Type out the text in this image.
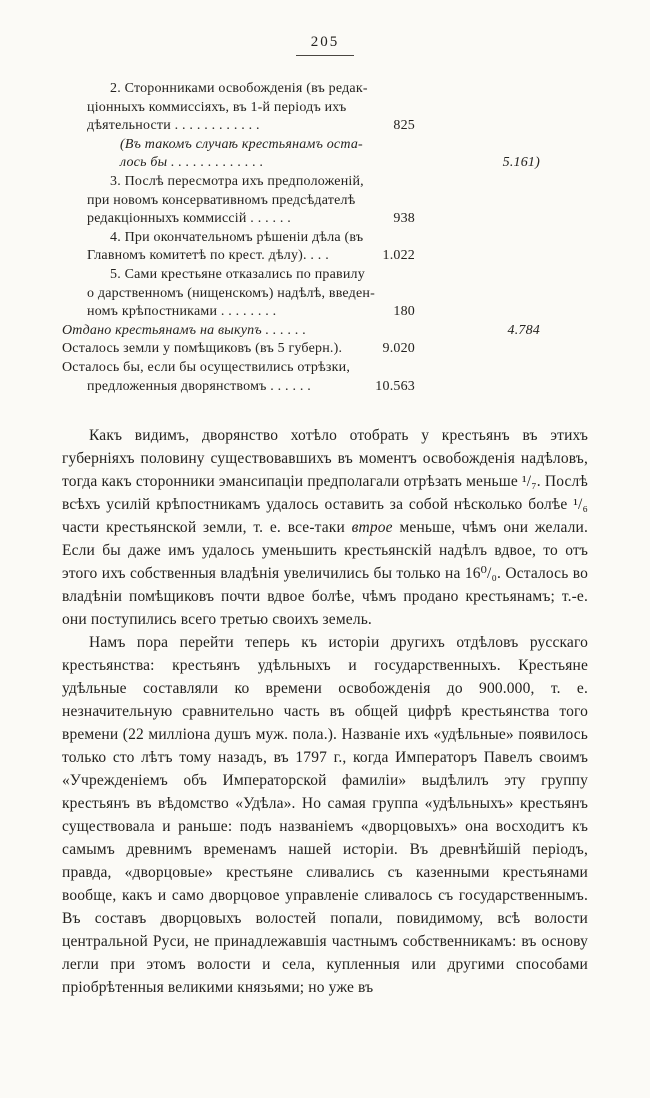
205
2. Сторонниками освобожденія (въ редак-
ціонныхъ коммиссіяхъ, въ 1-й періодъ ихъ
825
дѣятельности . . . . . . . . . . . .
(Въ такомъ случаѣ крестьянамъ оста-
5.161)
лось бы . . . . . . . . . . . . .
3. Послѣ пересмотра ихъ предположеній,
при новомъ консервативномъ предсѣдателѣ
938
редакціонныхъ коммиссій . . . . . .
4. При окончательномъ рѣшеніи дѣла (въ
1.022
Главномъ комитетѣ по крест. дѣлу). . . .
5. Сами крестьяне отказались по правилу
о дарственномъ (нищенскомъ) надѣлѣ, введен-
180
номъ крѣпостниками . . . . . . . .
4.784
Отдано крестьянамъ на выкупъ . . . . . .
9.020
Осталось земли у помѣщиковъ (въ 5 губерн.).
Осталось бы, если бы осуществились отрѣзки,
10.563
предложенныя дворянствомъ . . . . . .

Какъ видимъ, дворянство хотѣло отобрать у крестьянъ въ этихъ губерніяхъ половину существовавшихъ въ моментъ освобожденія надѣловъ, тогда какъ сторонники эмансипаціи предполагали отрѣзать меньше ¹/₇. Послѣ всѣхъ усилій крѣпостникамъ удалось оставить за собой нѣсколько болѣе ¹/₆ части крестьянской земли, т. е. все-таки втрое меньше, чѣмъ они желали. Если бы даже имъ удалось уменьшить крестьянскій надѣлъ вдвое, то отъ этого ихъ собственныя владѣнія увеличились бы только на 16⁰/₀. Осталось во владѣніи помѣщиковъ почти вдвое болѣе, чѣмъ продано крестьянамъ; т.-е. они поступились всего третью своихъ земель.

Намъ пора перейти теперь къ исторіи другихъ отдѣловъ русскаго крестьянства: крестьянъ удѣльныхъ и государственныхъ. Крестьяне удѣльные составляли ко времени освобожденія до 900.000, т. е. незначительную сравнительно часть въ общей цифрѣ крестьянства того времени (22 милліона душъ муж. пола.). Названіе ихъ «удѣльные» появилось только сто лѣтъ тому назадъ, въ 1797 г., когда Императоръ Павелъ своимъ «Учрежденіемъ объ Императорской фамиліи» выдѣлилъ эту группу крестьянъ въ вѣдомство «Удѣла». Но самая группа «удѣльныхъ» крестьянъ существовала и раньше: подъ названіемъ «дворцовыхъ» она восходитъ къ самымъ древнимъ временамъ нашей исторіи. Въ древнѣйшій періодъ, правда, «дворцовые» крестьяне сливались съ казенными крестьянами вообще, какъ и само дворцовое управленіе сливалось съ государственнымъ. Въ составъ дворцовыхъ волостей попали, повидимому, всѣ волости центральной Руси, не принадлежавшія частнымъ собственникамъ: въ основу легли при этомъ волости и села, купленныя или другими способами пріобрѣтенныя великими князьями; но уже въ
